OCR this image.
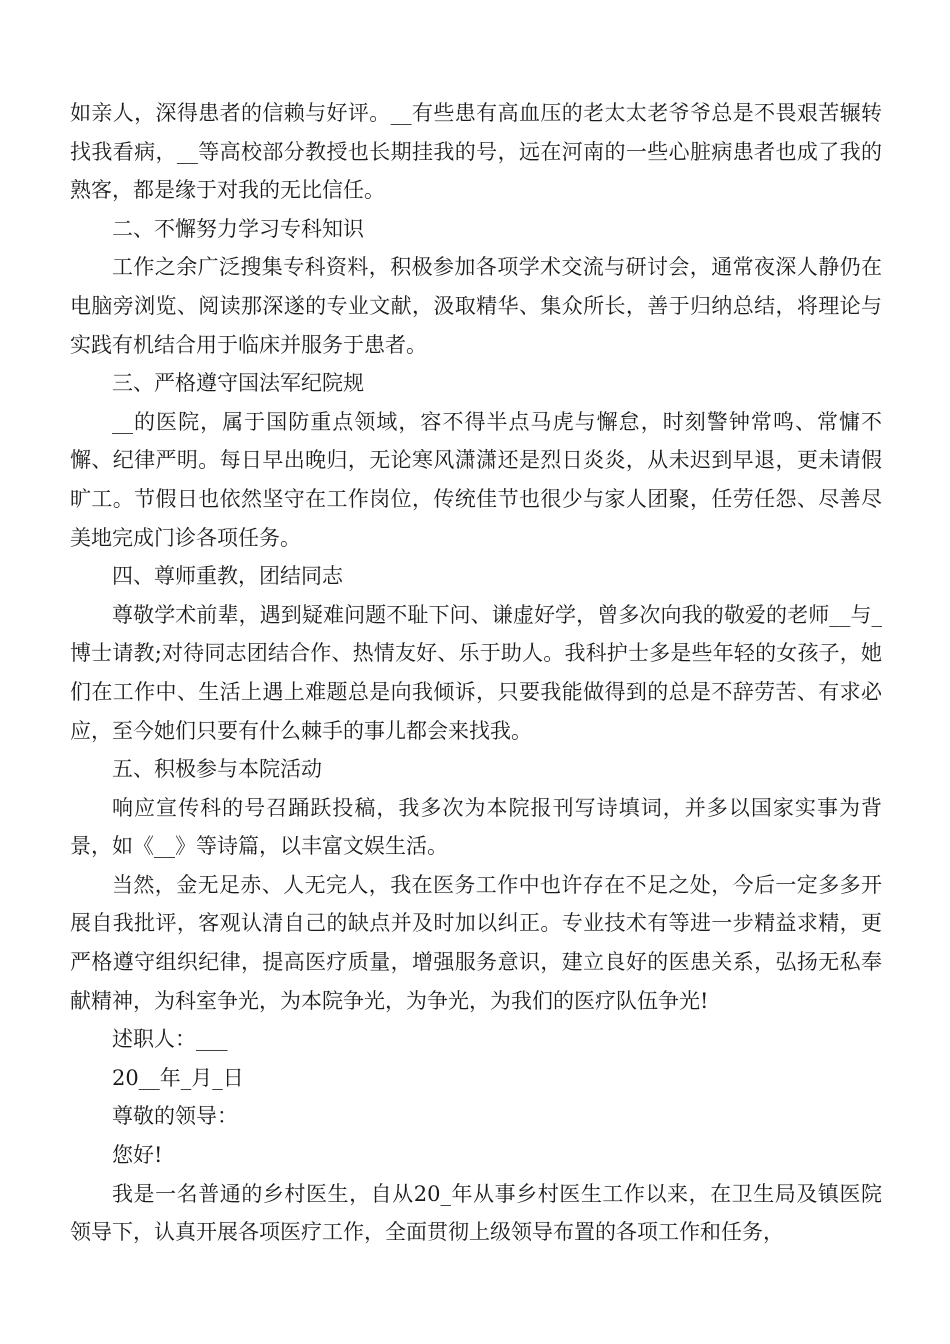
如亲人，深得患者的信赖与好评。__有些患有高血压的老太太老爷爷总是不畏艰苦辗转找我看病，__等高校部分教授也长期挂我的号，远在河南的一些心脏病患者也成了我的熟客，都是缘于对我的无比信任。

二、不懈努力学习专科知识

工作之余广泛搜集专科资料，积极参加各项学术交流与研讨会，通常夜深人静仍在电脑旁浏览、阅读那深遂的专业文献，汲取精华、集众所长，善于归纳总结，将理论与实践有机结合用于临床并服务于患者。

三、严格遵守国法军纪院规

__的医院，属于国防重点领域，容不得半点马虎与懈怠，时刻警钟常鸣、常慵不懈、纪律严明。每日早出晚归，无论寒风潇潇还是烈日炎炎，从未迟到早退，更未请假旷工。节假日也依然坚守在工作岗位，传统佳节也很少与家人团聚，任劳任怨、尽善尽美地完成门诊各项任务。

四、尊师重教，团结同志

尊敬学术前辈，遇到疑难问题不耻下问、谦虚好学，曾多次向我的敬爱的老师__与_博士请教;对待同志团结合作、热情友好、乐于助人。我科护士多是些年轻的女孩子，她们在工作中、生活上遇上难题总是向我倾诉，只要我能做得到的总是不辞劳苦、有求必应，至今她们只要有什么棘手的事儿都会来找我。

五、积极参与本院活动

响应宣传科的号召踊跃投稿，我多次为本院报刊写诗填词，并多以国家实事为背景，如《__》等诗篇，以丰富文娱生活。

当然，金无足赤、人无完人，我在医务工作中也许存在不足之处，今后一定多多开展自我批评，客观认清自己的缺点并及时加以纠正。专业技术有等进一步精益求精，更严格遵守组织纪律，提高医疗质量，增强服务意识，建立良好的医患关系，弘扬无私奉献精神，为科室争光，为本院争光，为争光，为我们的医疗队伍争光!

述职人：___

20__年_月_日

尊敬的领导：

您好!

我是一名普通的乡村医生，自从20_年从事乡村医生工作以来，在卫生局及镇医院领导下，认真开展各项医疗工作，全面贯彻上级领导布置的各项工作和任务，
